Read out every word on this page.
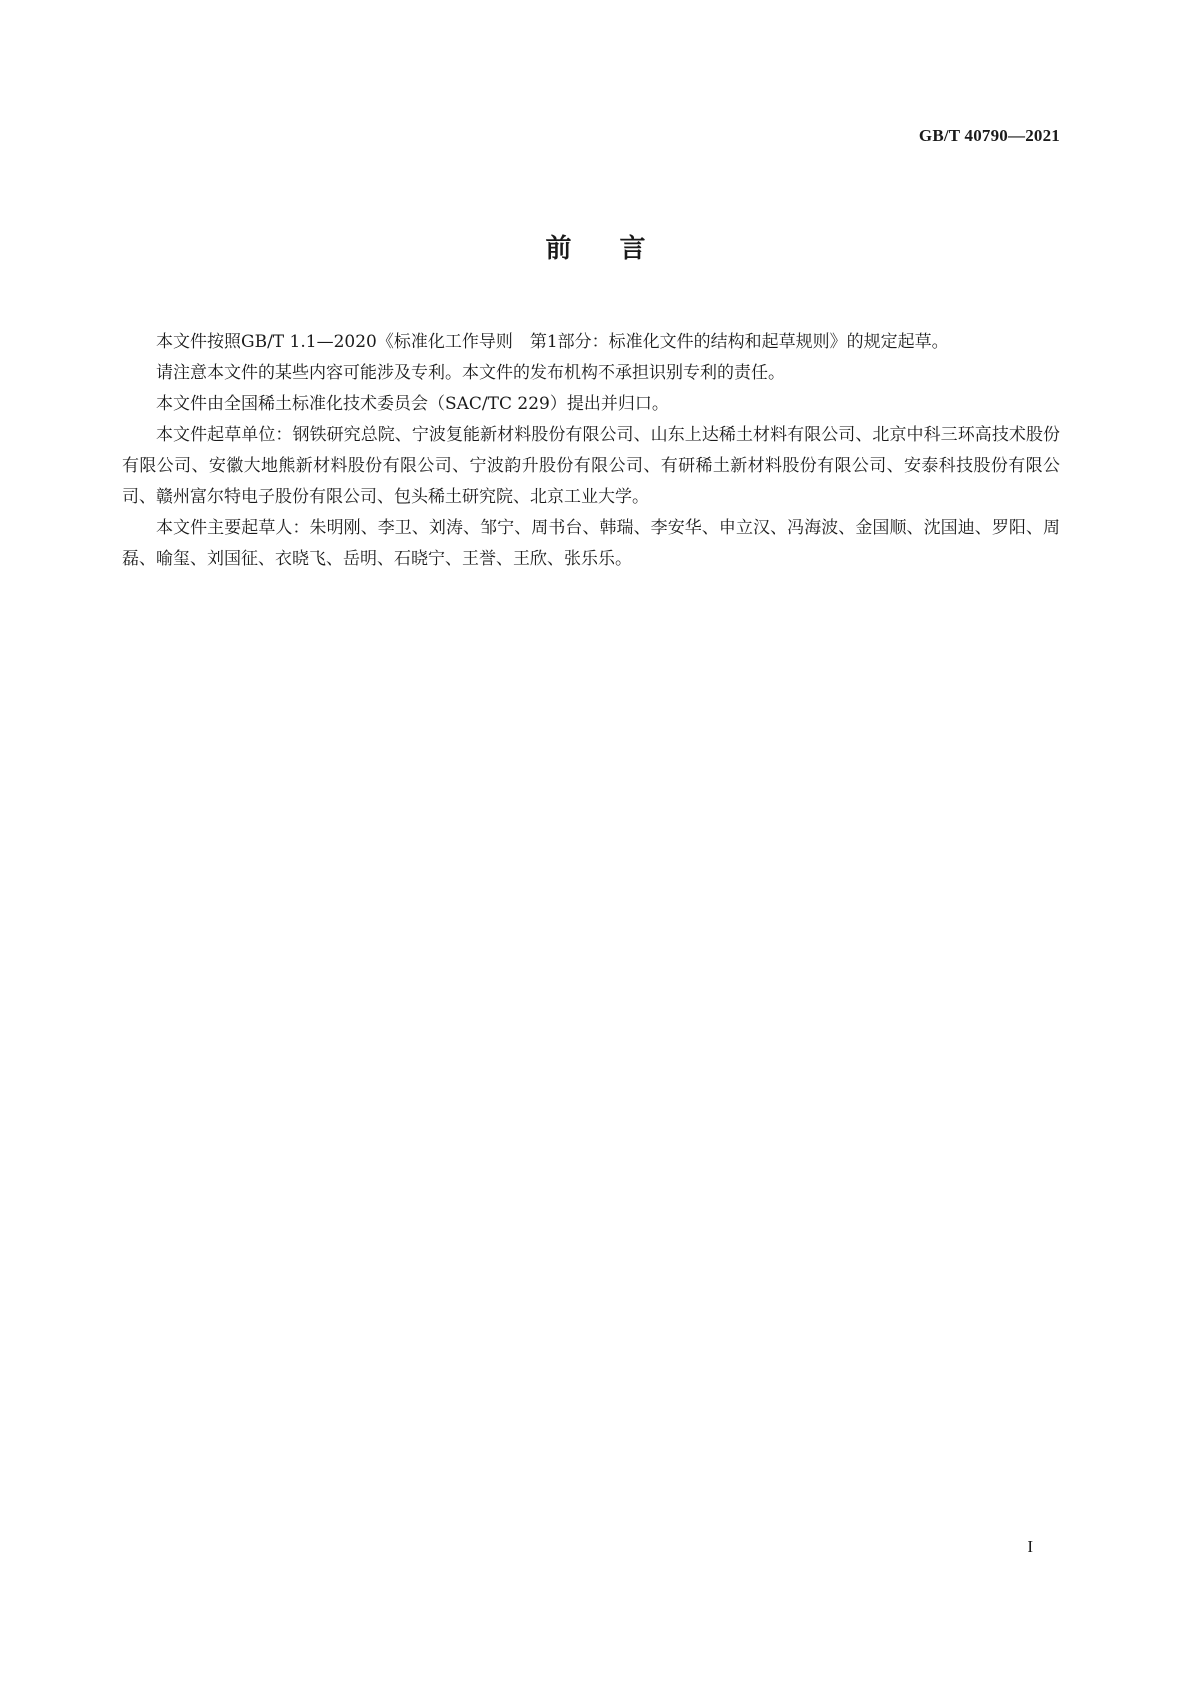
GB/T 40790—2021
前言

本文件按照GB/T 1.1—2020《标准化工作导则　第1部分：标准化文件的结构和起草规则》的规定起草。

请注意本文件的某些内容可能涉及专利。本文件的发布机构不承担识别专利的责任。

本文件由全国稀土标准化技术委员会（SAC/TC 229）提出并归口。

本文件起草单位：钢铁研究总院、宁波复能新材料股份有限公司、山东上达稀土材料有限公司、北京中科三环高技术股份有限公司、安徽大地熊新材料股份有限公司、宁波韵升股份有限公司、有研稀土新材料股份有限公司、安泰科技股份有限公司、赣州富尔特电子股份有限公司、包头稀土研究院、北京工业大学。

本文件主要起草人：朱明刚、李卫、刘涛、邹宁、周书台、韩瑞、李安华、申立汉、冯海波、金国顺、沈国迪、罗阳、周磊、喻玺、刘国征、衣晓飞、岳明、石晓宁、王誉、王欣、张乐乐。

I
